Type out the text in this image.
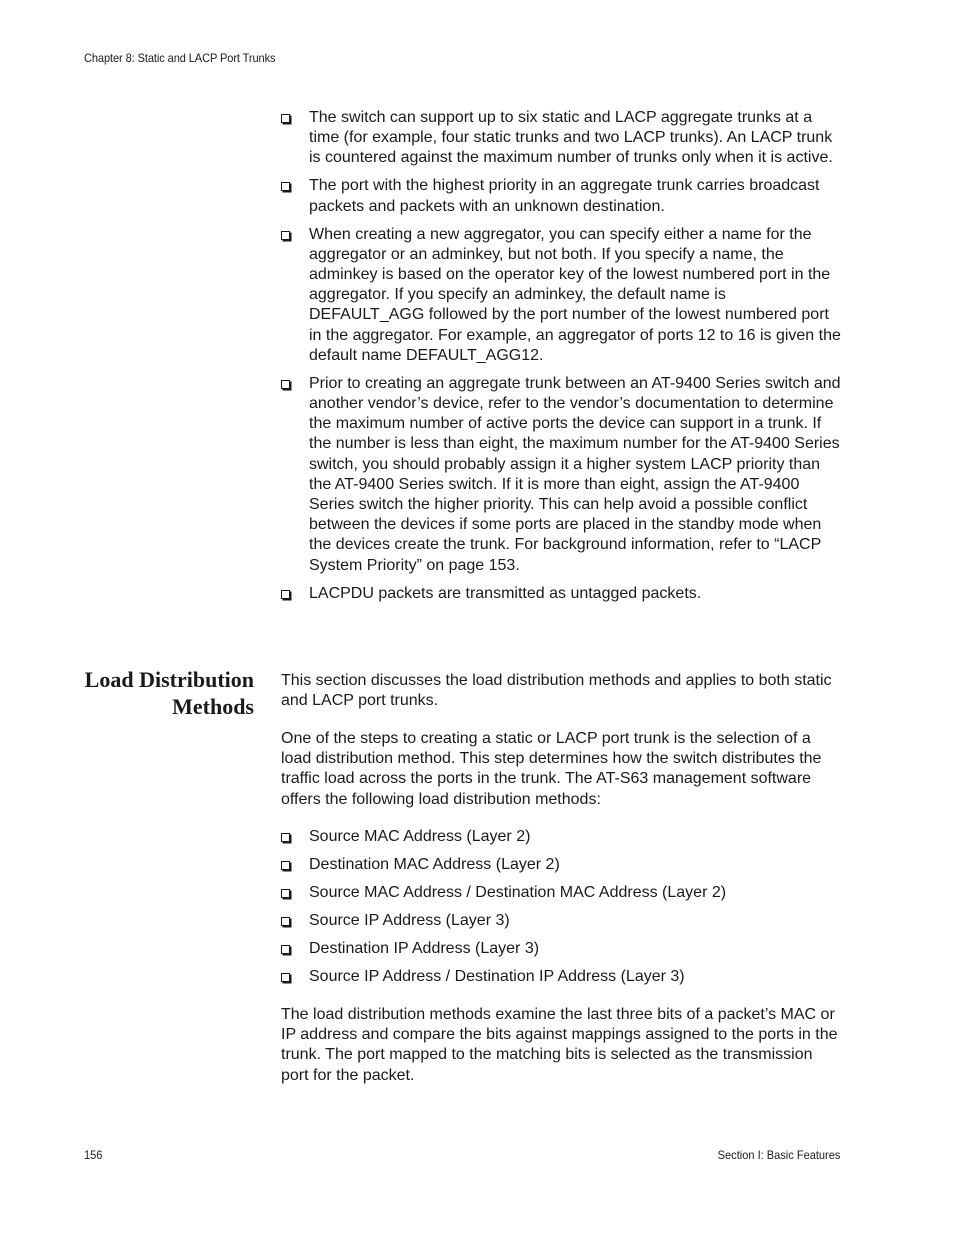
Chapter 8: Static and LACP Port Trunks
The switch can support up to six static and LACP aggregate trunks at a time (for example, four static trunks and two LACP trunks). An LACP trunk is countered against the maximum number of trunks only when it is active.
The port with the highest priority in an aggregate trunk carries broadcast packets and packets with an unknown destination.
When creating a new aggregator, you can specify either a name for the aggregator or an adminkey, but not both. If you specify a name, the adminkey is based on the operator key of the lowest numbered port in the aggregator. If you specify an adminkey, the default name is DEFAULT_AGG followed by the port number of the lowest numbered port in the aggregator. For example, an aggregator of ports 12 to 16 is given the default name DEFAULT_AGG12.
Prior to creating an aggregate trunk between an AT-9400 Series switch and another vendor’s device, refer to the vendor’s documentation to determine the maximum number of active ports the device can support in a trunk. If the number is less than eight, the maximum number for the AT-9400 Series switch, you should probably assign it a higher system LACP priority than the AT-9400 Series switch. If it is more than eight, assign the AT-9400 Series switch the higher priority. This can help avoid a possible conflict between the devices if some ports are placed in the standby mode when the devices create the trunk. For background information, refer to “LACP System Priority” on page 153.
LACPDU packets are transmitted as untagged packets.
Load Distribution
Methods

This section discusses the load distribution methods and applies to both static and LACP port trunks.

One of the steps to creating a static or LACP port trunk is the selection of a load distribution method. This step determines how the switch distributes the traffic load across the ports in the trunk. The AT-S63 management software offers the following load distribution methods:

Source MAC Address (Layer 2)
Destination MAC Address (Layer 2)
Source MAC Address / Destination MAC Address (Layer 2)
Source IP Address (Layer 3)
Destination IP Address (Layer 3)
Source IP Address / Destination IP Address (Layer 3)

The load distribution methods examine the last three bits of a packet’s MAC or IP address and compare the bits against mappings assigned to the ports in the trunk. The port mapped to the matching bits is selected as the transmission port for the packet.

156	Section I: Basic Features
